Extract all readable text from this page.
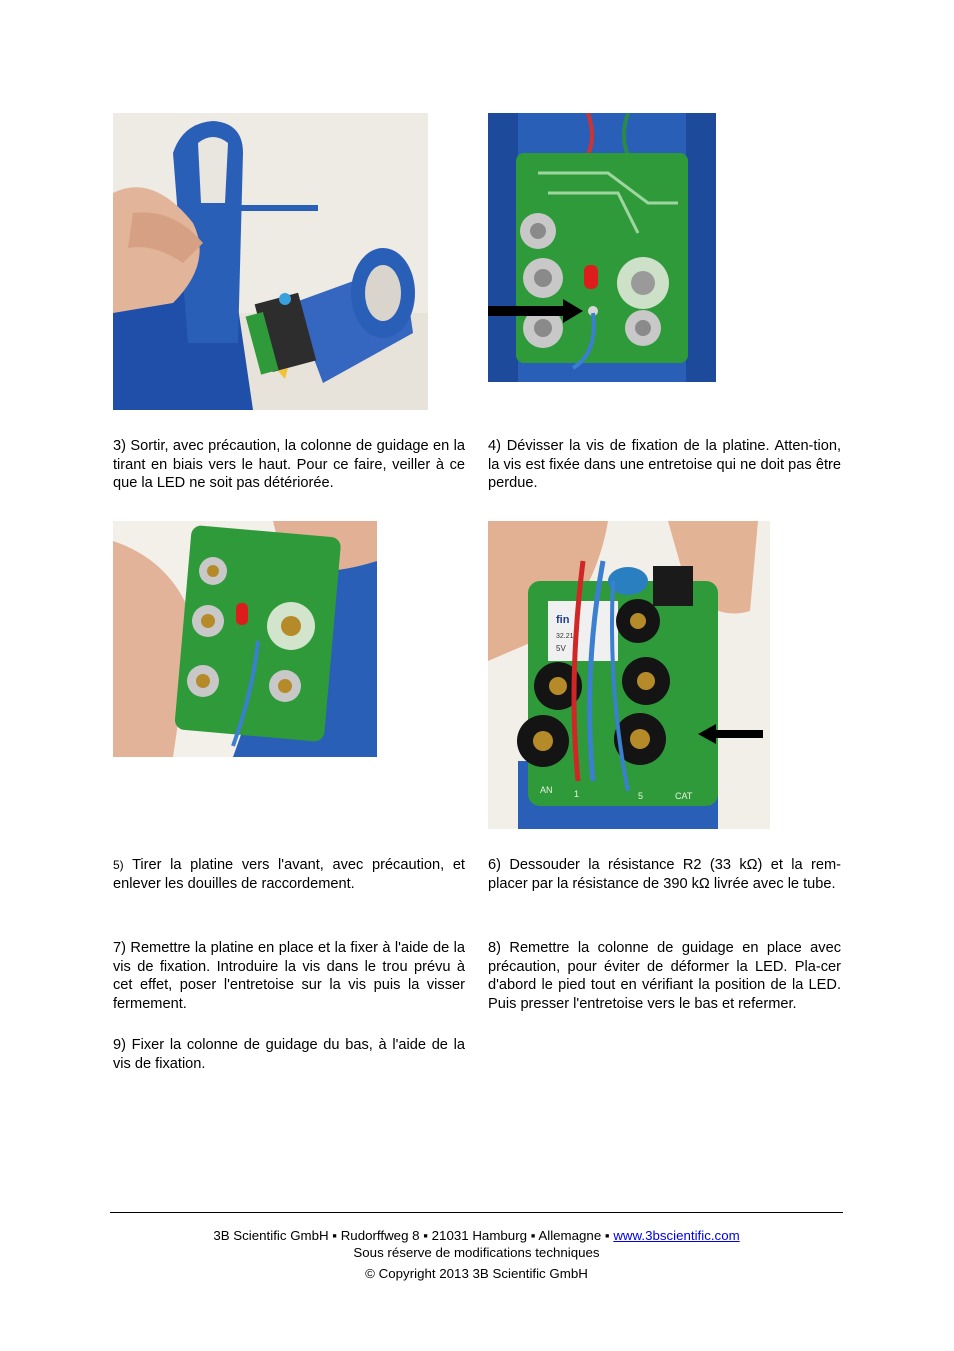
fin
32.21
5V
AN 1	5	CAT

3) Sortir, avec précaution, la colonne de guidage en la tirant en biais vers le haut. Pour ce faire, veiller à ce que la LED ne soit pas détériorée.

4) Dévisser la vis de fixation de la platine. Atten-tion, la vis est fixée dans une entretoise qui ne doit pas être perdue.

5) Tirer la platine vers l'avant, avec précaution, et enlever les douilles de raccordement.

6) Dessouder la résistance R2 (33 kΩ) et la rem-placer par la résistance de 390 kΩ livrée avec le tube.

7) Remettre la platine en place et la fixer à l'aide de la vis de fixation. Introduire la vis dans le trou prévu à cet effet, poser l'entretoise sur la vis puis la visser fermement.

8) Remettre la colonne de guidage en place avec précaution, pour éviter de déformer la LED. Pla-cer d'abord le pied tout en vérifiant la position de la LED. Puis presser l'entretoise vers le bas et refermer.

9) Fixer la colonne de guidage du bas, à l'aide de la vis de fixation.

3B Scientific GmbH ▪ Rudorffweg 8 ▪ 21031 Hamburg ▪ Allemagne ▪ www.3bscientific.com
Sous réserve de modifications techniques
© Copyright 2013 3B Scientific GmbH
